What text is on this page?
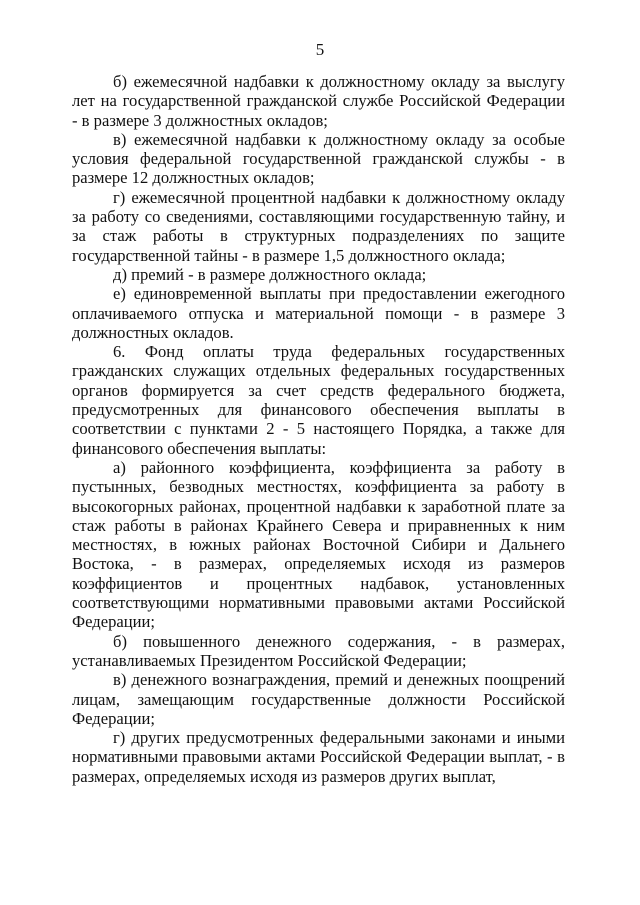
5

б) ежемесячной надбавки к должностному окладу за выслугу лет на государственной гражданской службе Российской Федерации - в размере 3 должностных окладов;

в) ежемесячной надбавки к должностному окладу за особые условия федеральной государственной гражданской службы - в размере 12 должностных окладов;

г) ежемесячной процентной надбавки к должностному окладу за работу со сведениями, составляющими государственную тайну, и за стаж работы в структурных подразделениях по защите государственной тайны - в размере 1,5 должностного оклада;

д) премий - в размере должностного оклада;

е) единовременной выплаты при предоставлении ежегодного оплачиваемого отпуска и материальной помощи - в размере 3 должностных окладов.

6. Фонд оплаты труда федеральных государственных гражданских служащих отдельных федеральных государственных органов формируется за счет средств федерального бюджета, предусмотренных для финансового обеспечения выплаты в соответствии с пунктами 2 - 5 настоящего Порядка, а также для финансового обеспечения выплаты:

а) районного коэффициента, коэффициента за работу в пустынных, безводных местностях, коэффициента за работу в высокогорных районах, процентной надбавки к заработной плате за стаж работы в районах Крайнего Севера и приравненных к ним местностях, в южных районах Восточной Сибири и Дальнего Востока, - в размерах, определяемых исходя из размеров коэффициентов и процентных надбавок, установленных соответствующими нормативными правовыми актами Российской Федерации;

б) повышенного денежного содержания, - в размерах, устанавливаемых Президентом Российской Федерации;

в) денежного вознаграждения, премий и денежных поощрений лицам, замещающим государственные должности Российской Федерации;

г) других предусмотренных федеральными законами и иными нормативными правовыми актами Российской Федерации выплат, - в размерах, определяемых исходя из размеров других выплат,
